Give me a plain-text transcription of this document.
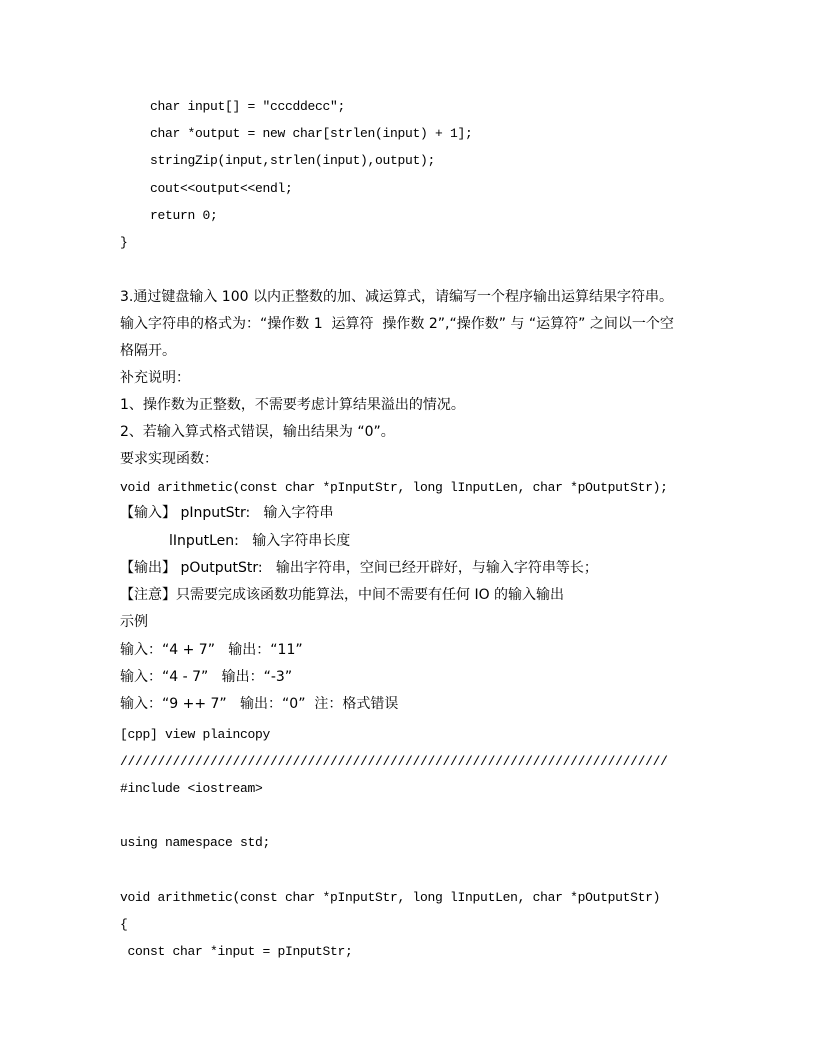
char input[] = "cccddecc";
char *output = new char[strlen(input) + 1];
stringZip(input,strlen(input),output);
cout<<output<<endl;
return 0;
}
3.通过键盘输入 100 以内正整数的加、减运算式，请编写一个程序输出运算结果字符串。
输入字符串的格式为：“操作数 1  运算符  操作数 2”,“操作数” 与 “运算符” 之间以一个空
格隔开。
补充说明：
1、操作数为正整数，不需要考虑计算结果溢出的情况。
2、若输入算式格式错误，输出结果为 “0”。
要求实现函数：
void arithmetic(const char *pInputStr, long lInputLen, char *pOutputStr);
【输入】 pInputStr:   输入字符串
lInputLen:   输入字符串长度
【输出】 pOutputStr:   输出字符串，空间已经开辟好，与输入字符串等长；
【注意】只需要完成该函数功能算法，中间不需要有任何 IO 的输入输出
示例
输入：“4 + 7”   输出：“11”
输入：“4 - 7”   输出：“-3”
输入：“9 ++ 7”   输出：“0”  注：格式错误
[cpp] view plaincopy
/////////////////////////////////////////////////////////////////////////
#include <iostream>
using namespace std;
void arithmetic(const char *pInputStr, long lInputLen, char *pOutputStr)
{
const char *input = pInputStr;
